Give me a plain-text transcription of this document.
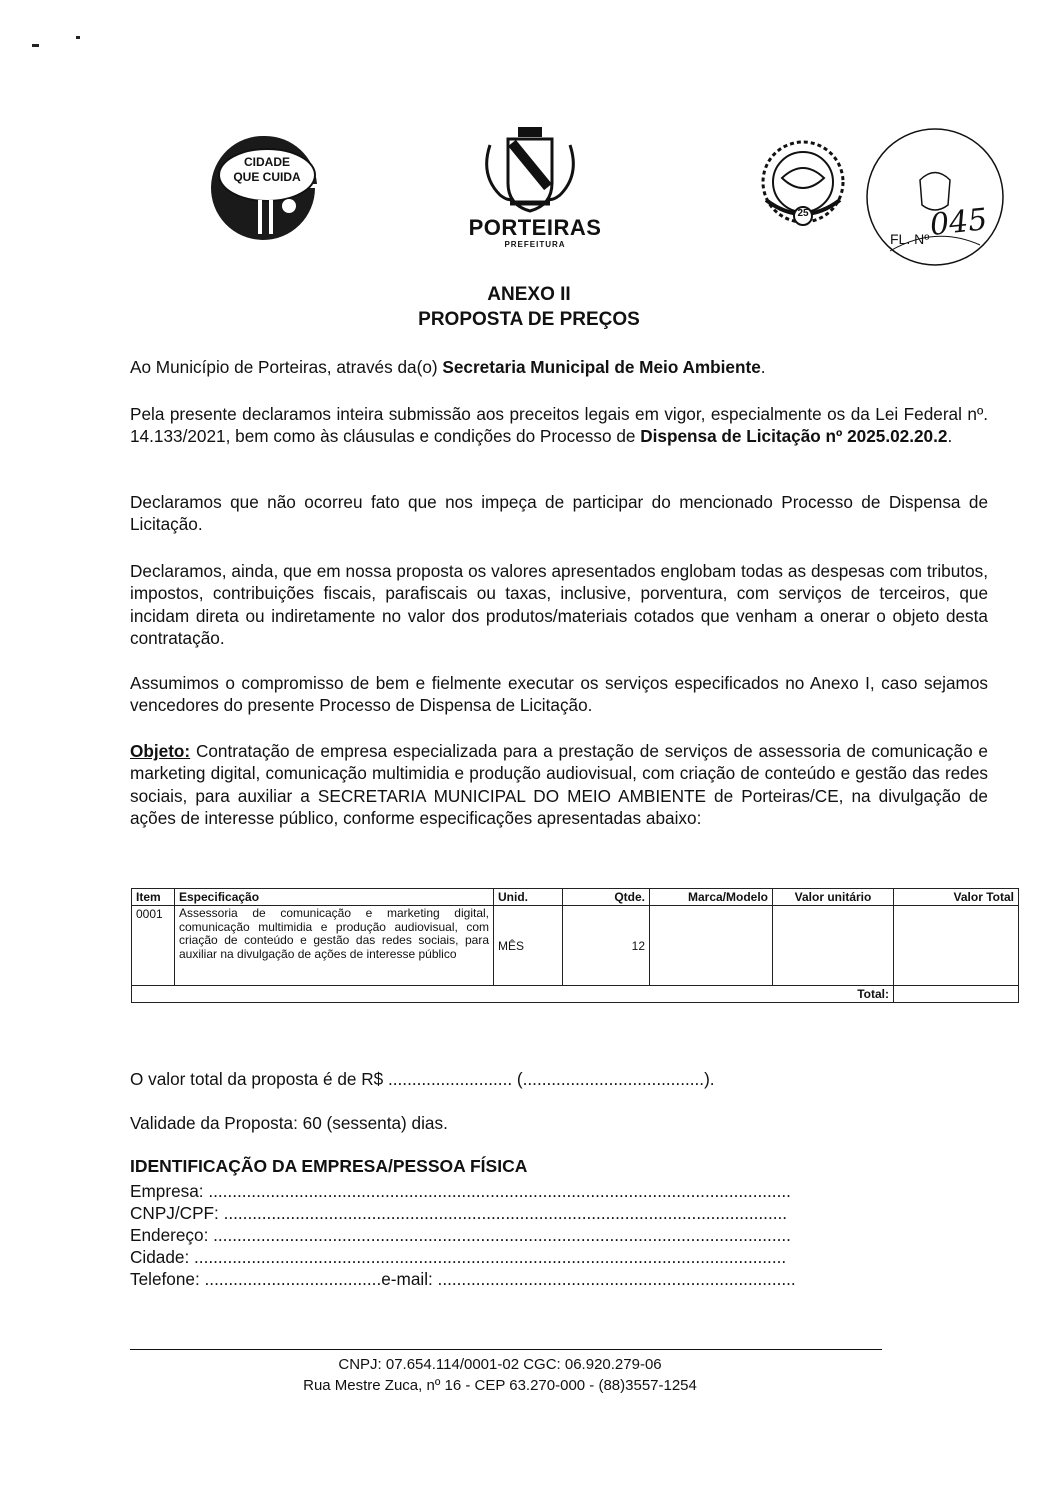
CIDADE
QUE CUIDA
PORTEIRAS
PREFEITURA
25
FL. Nº
045
ANEXO II
PROPOSTA DE PREÇOS
Ao Município de Porteiras, através da(o) Secretaria Municipal de Meio Ambiente.
Pela presente declaramos inteira submissão aos preceitos legais em vigor, especialmente os da Lei Federal nº. 14.133/2021, bem como às cláusulas e condições do Processo de Dispensa de Licitação nº 2025.02.20.2.
Declaramos que não ocorreu fato que nos impeça de participar do mencionado Processo de Dispensa de Licitação.
Declaramos, ainda, que em nossa proposta os valores apresentados englobam todas as despesas com tributos, impostos, contribuições fiscais, parafiscais ou taxas, inclusive, porventura, com serviços de terceiros, que incidam direta ou indiretamente no valor dos produtos/materiais cotados que venham a onerar o objeto desta contratação.
Assumimos o compromisso de bem e fielmente executar os serviços especificados no Anexo I, caso sejamos vencedores do presente Processo de Dispensa de Licitação.
Objeto: Contratação de empresa especializada para a prestação de serviços de assessoria de comunicação e marketing digital, comunicação multimidia e produção audiovisual, com criação de conteúdo e gestão das redes sociais, para auxiliar a SECRETARIA MUNICIPAL DO MEIO AMBIENTE de Porteiras/CE, na divulgação de ações de interesse público, conforme especificações apresentadas abaixo:
Item	Especificação	Unid.	Qtde.	Marca/Modelo	Valor unitário	Valor Total
0001	Assessoria de comunicação e marketing digital, comunicação multimidia e produção audiovisual, com criação de conteúdo e gestão das redes sociais, para auxiliar na divulgação de ações de interesse público	MÊS	12			
Total:						
O valor total da proposta é de R$ .......................... (......................................).
Validade da Proposta: 60 (sessenta) dias.
IDENTIFICAÇÃO DA EMPRESA/PESSOA FÍSICA
Empresa: ..........................................................................................................................
CNPJ/CPF: ......................................................................................................................
Endereço: .........................................................................................................................
Cidade: ............................................................................................................................
Telefone: .....................................e-mail: ...........................................................................
CNPJ: 07.654.114/0001-02 CGC: 06.920.279-06
Rua Mestre Zuca, nº 16 - CEP 63.270-000 - (88)3557-1254
